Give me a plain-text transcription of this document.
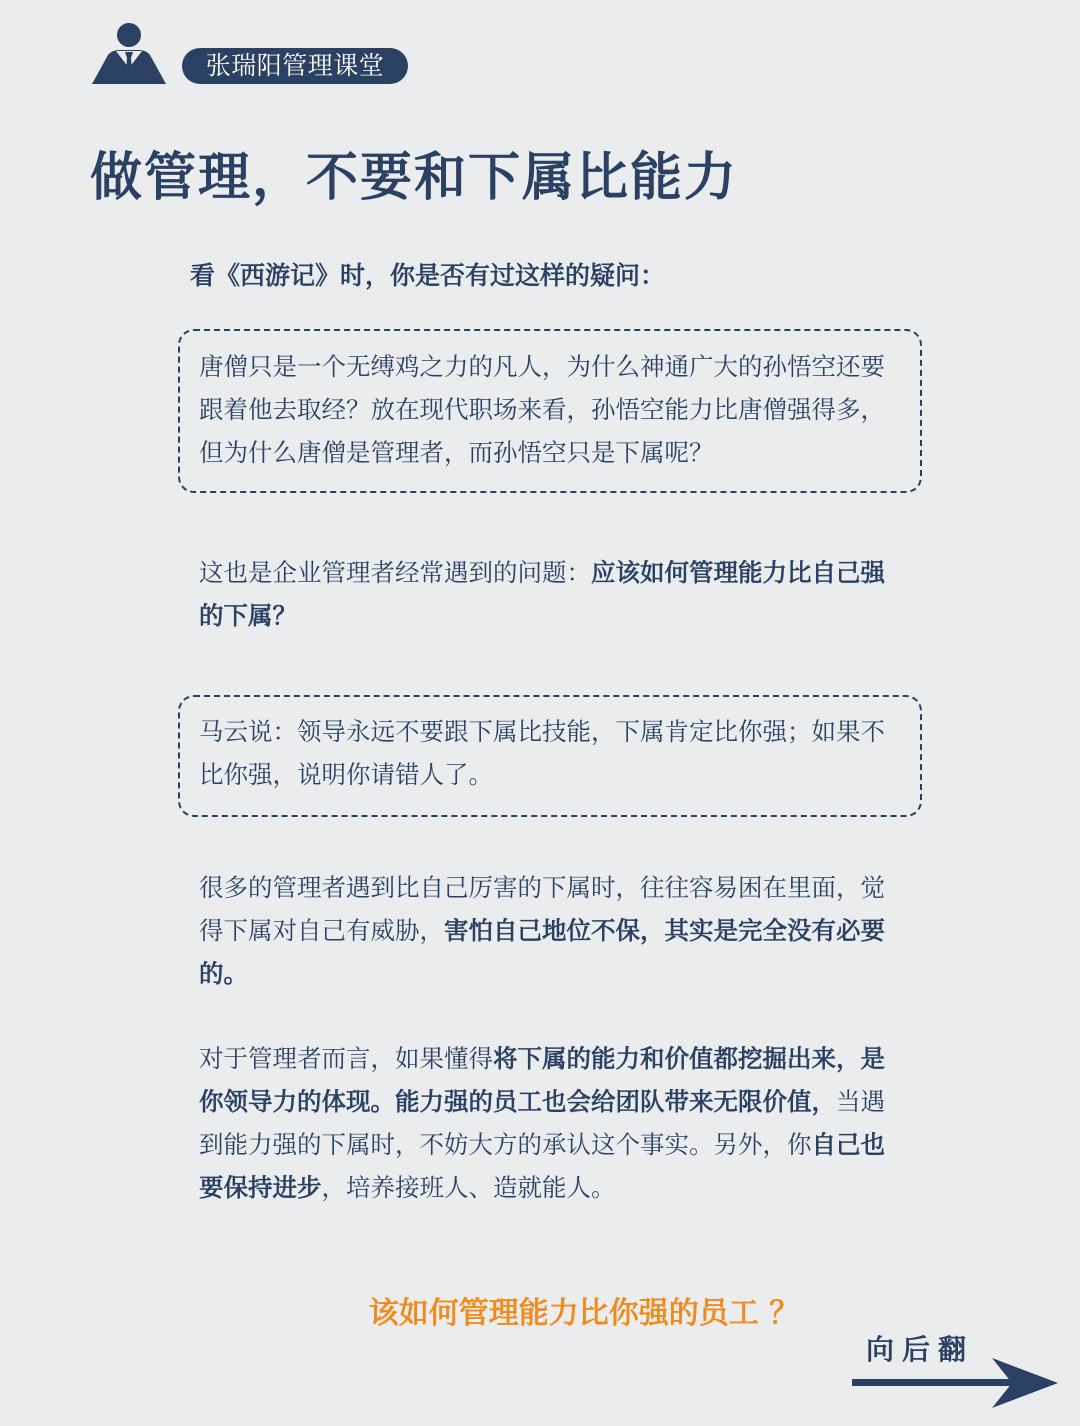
张瑞阳管理课堂
做管理，不要和下属比能力
看《西游记》时，你是否有过这样的疑问：

唐僧只是一个无缚鸡之力的凡人，为什么神通广大的孙悟空还要跟着他去取经？放在现代职场来看，孙悟空能力比唐僧强得多，但为什么唐僧是管理者，而孙悟空只是下属呢？

这也是企业管理者经常遇到的问题：应该如何管理能力比自己强的下属？

马云说：领导永远不要跟下属比技能，下属肯定比你强；如果不比你强，说明你请错人了。

很多的管理者遇到比自己厉害的下属时，往往容易困在里面，觉得下属对自己有威胁，害怕自己地位不保，其实是完全没有必要的。

对于管理者而言，如果懂得将下属的能力和价值都挖掘出来，是你领导力的体现。能力强的员工也会给团队带来无限价值，当遇到能力强的下属时，不妨大方的承认这个事实。另外，你自己也要保持进步，培养接班人、造就能人。

该如何管理能力比你强的员工 ？
向后翻
